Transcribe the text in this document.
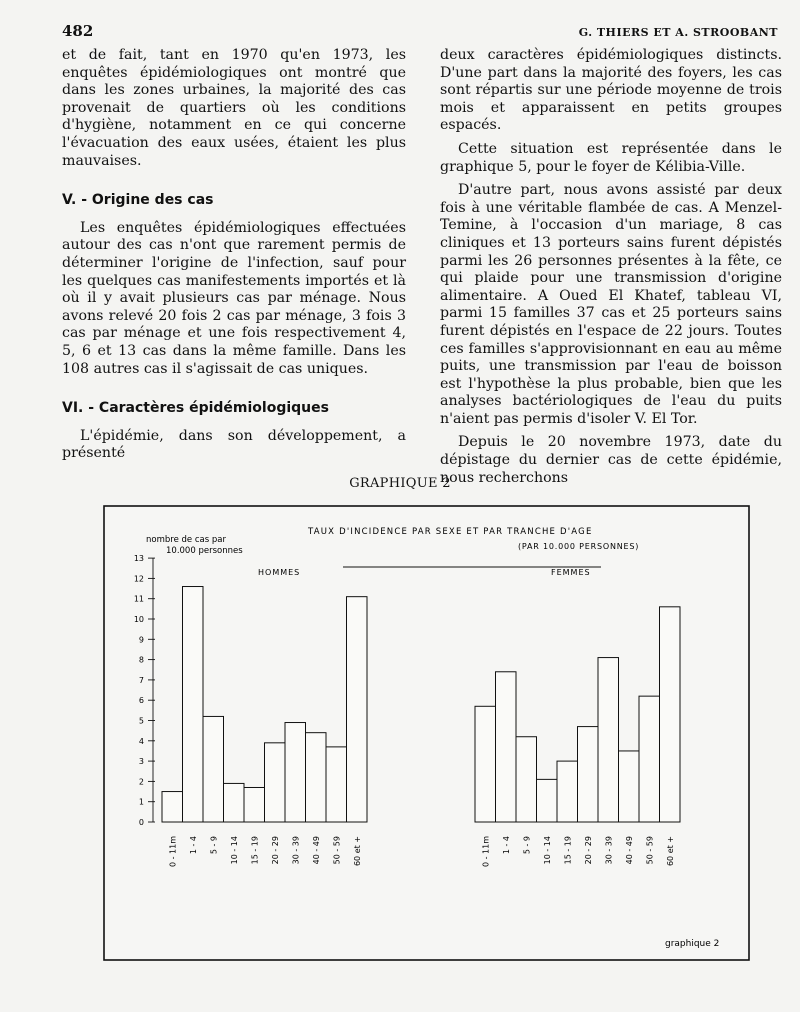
482	G. THIERS ET A. STROOBANT

et de fait, tant en 1970 qu'en 1973, les enquêtes épidémiologiques ont montré que dans les zones urbaines, la majorité des cas provenait de quartiers où les conditions d'hygiène, notamment en ce qui concerne l'évacuation des eaux usées, étaient les plus mauvaises.

V. - Origine des cas

Les enquêtes épidémiologiques effectuées autour des cas n'ont que rarement permis de déterminer l'origine de l'infection, sauf pour les quelques cas manifestements importés et là où il y avait plusieurs cas par ménage. Nous avons relevé 20 fois 2 cas par ménage, 3 fois 3 cas par ménage et une fois respectivement 4, 5, 6 et 13 cas dans la même famille. Dans les 108 autres cas il s'agissait de cas uniques.

VI. - Caractères épidémiologiques

L'épidémie, dans son développement, a présenté

deux caractères épidémiologiques distincts. D'une part dans la majorité des foyers, les cas sont répartis sur une période moyenne de trois mois et apparaissent en petits groupes espacés.

Cette situation est représentée dans le graphique 5, pour le foyer de Kélibia-Ville.

D'autre part, nous avons assisté par deux fois à une véritable flambée de cas. A Menzel-Temine, à l'occasion d'un mariage, 8 cas cliniques et 13 porteurs sains furent dépistés parmi les 26 personnes présentes à la fête, ce qui plaide pour une transmission d'origine alimentaire. A Oued El Khatef, tableau VI, parmi 15 familles 37 cas et 25 porteurs sains furent dépistés en l'espace de 22 jours. Toutes ces familles s'approvisionnant en eau au même puits, une transmission par l'eau de boisson est l'hypothèse la plus probable, bien que les analyses bactériologiques de l'eau du puits n'aient pas permis d'isoler V. El Tor.

Depuis le 20 novembre 1973, date du dépistage du dernier cas de cette épidémie, nous recherchons

GRAPHIQUE 2
TAUX D'INCIDENCE PAR SEXE ET PAR TRANCHE D'AGE
(PAR 10.000 PERSONNES)
nombre de cas par
10.000 personnes
0
1
2
3
4
5
6
7
8
9
10
11
12
13
HOMMES
0 - 11m 1 - 4 5 - 9 10 - 14 15 - 19 20 - 29 30 - 39 40 - 49 50 - 59 60 et +
FEMMES
0 - 11m 1 - 4 5 - 9 10 - 14 15 - 19 20 - 29 30 - 39 40 - 49 50 - 59 60 et +
graphique 2
